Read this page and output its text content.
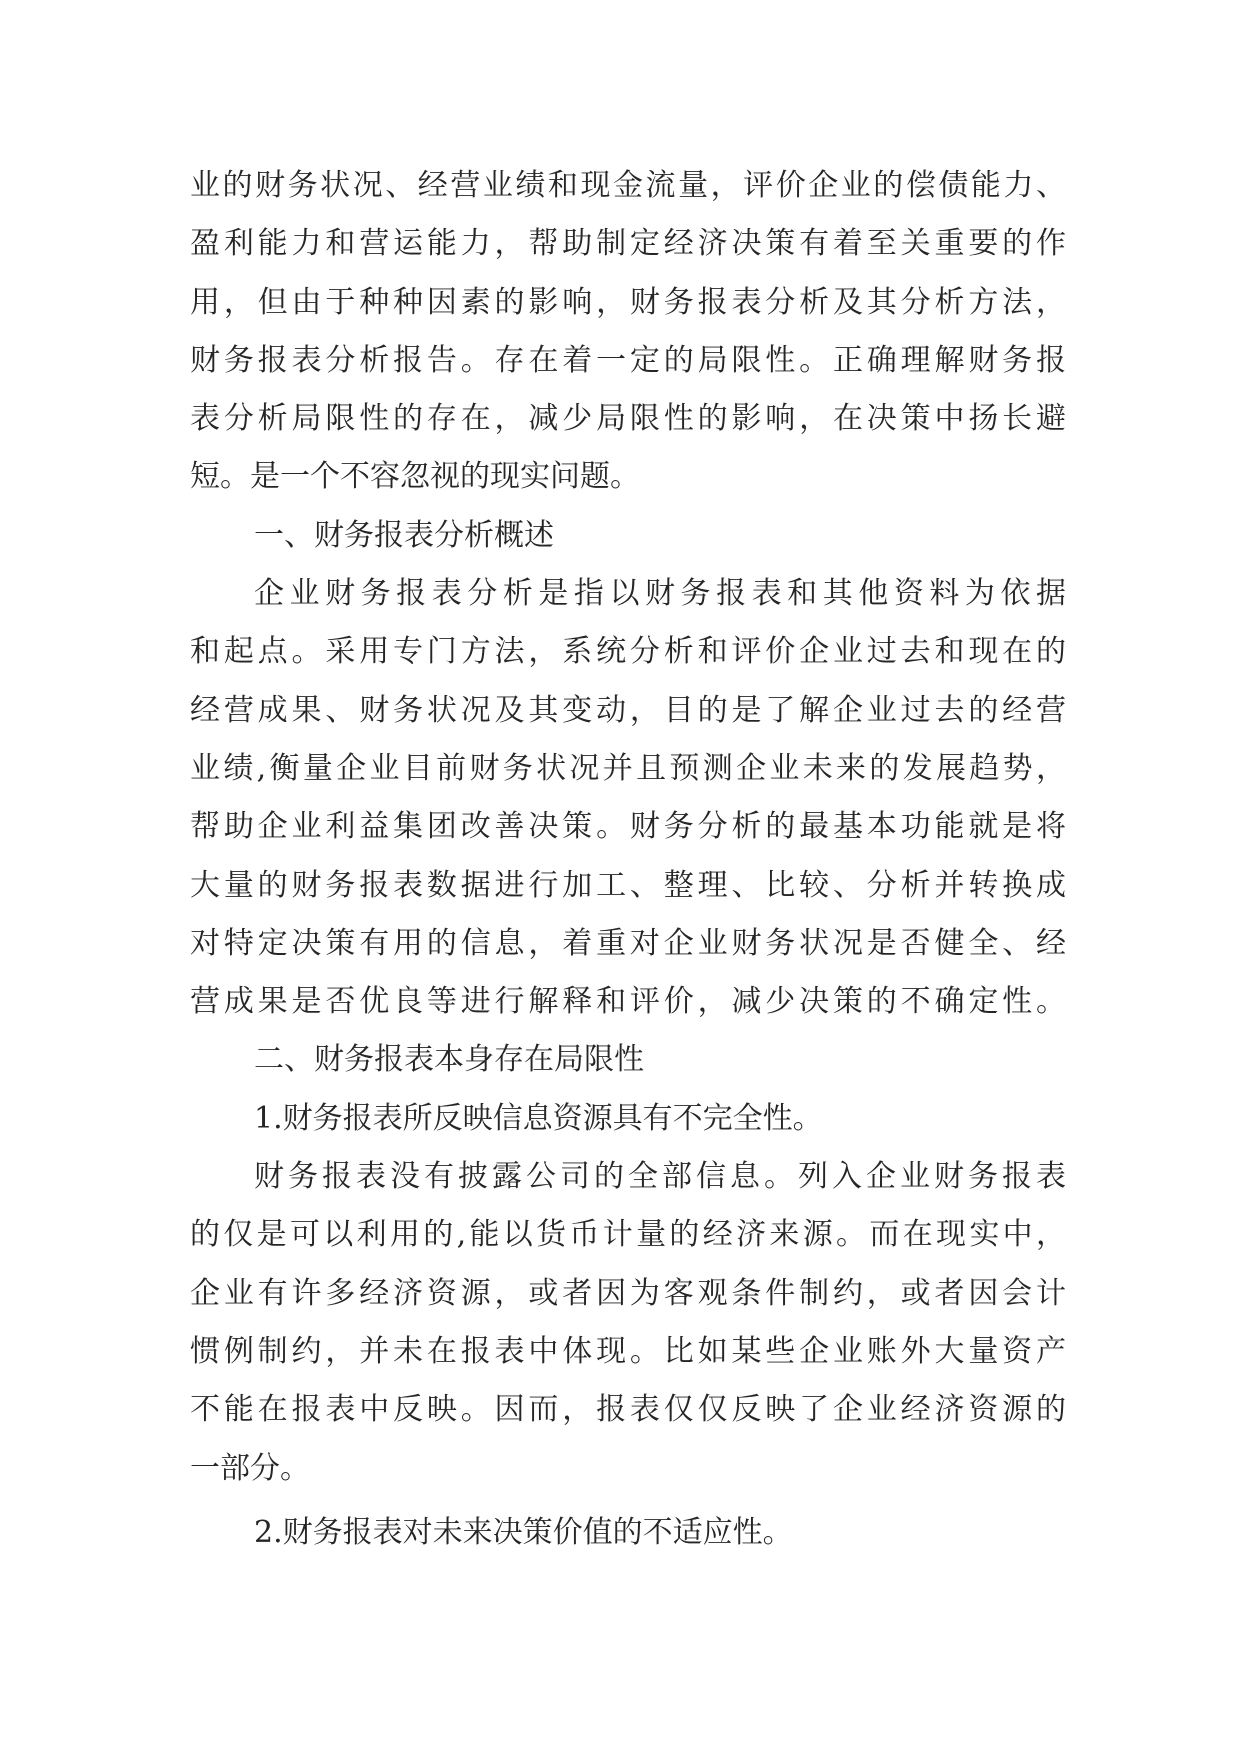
业的财务状况、经营业绩和现金流量，评价企业的偿债能力、
盈利能力和营运能力，帮助制定经济决策有着至关重要的作
用，但由于种种因素的影响，财务报表分析及其分析方法，
财务报表分析报告。存在着一定的局限性。正确理解财务报
表分析局限性的存在，减少局限性的影响，在决策中扬长避
短。是一个不容忽视的现实问题。
一、财务报表分析概述
企业财务报表分析是指以财务报表和其他资料为依据
和起点。采用专门方法，系统分析和评价企业过去和现在的
经营成果、财务状况及其变动，目的是了解企业过去的经营
业绩,衡量企业目前财务状况并且预测企业未来的发展趋势，
帮助企业利益集团改善决策。财务分析的最基本功能就是将
大量的财务报表数据进行加工、整理、比较、分析并转换成
对特定决策有用的信息，着重对企业财务状况是否健全、经
营成果是否优良等进行解释和评价，减少决策的不确定性。
二、财务报表本身存在局限性
1.财务报表所反映信息资源具有不完全性。
财务报表没有披露公司的全部信息。列入企业财务报表
的仅是可以利用的,能以货币计量的经济来源。而在现实中，
企业有许多经济资源，或者因为客观条件制约，或者因会计
惯例制约，并未在报表中体现。比如某些企业账外大量资产
不能在报表中反映。因而，报表仅仅反映了企业经济资源的
一部分。
2.财务报表对未来决策价值的不适应性。
